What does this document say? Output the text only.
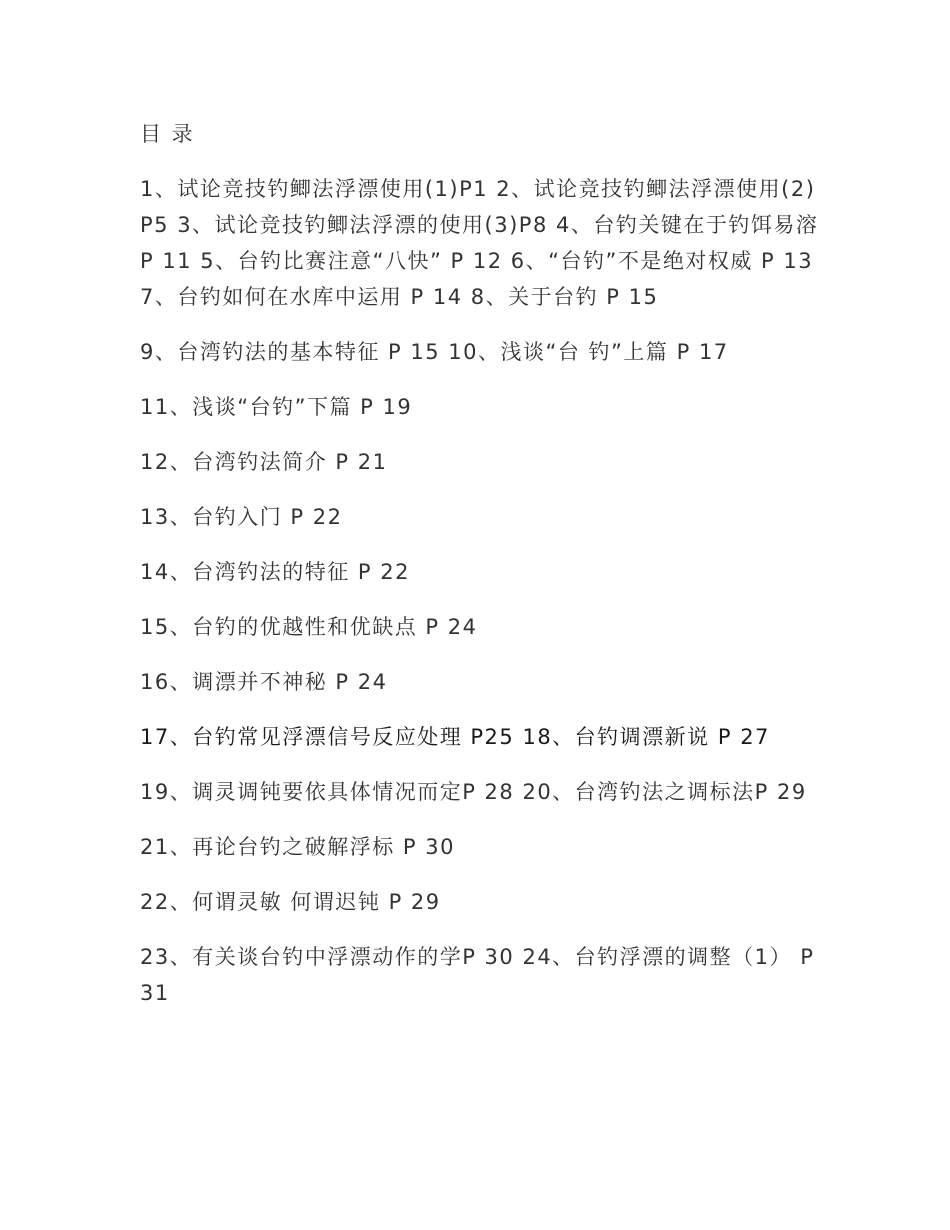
目 录

1、试论竞技钓鲫法浮漂使用(1)P1 2、试论竞技钓鲫法浮漂使用(2)P5 3、试论竞技钓鲫法浮漂的使用(3)P8 4、台钓关键在于钓饵易溶P 11 5、台钓比赛注意“八快” P 12 6、“台钓”不是绝对权威 P 13 7、台钓如何在水库中运用 P 14 8、关于台钓 P 15

9、台湾钓法的基本特征 P 15 10、浅谈“台 钓”上篇 P 17

11、浅谈“台钓”下篇 P 19

12、台湾钓法简介 P 21

13、台钓入门 P 22

14、台湾钓法的特征 P 22

15、台钓的优越性和优缺点 P 24

16、调漂并不神秘 P 24

17、台钓常见浮漂信号反应处理 P25 18、台钓调漂新说 P 27

19、调灵调钝要依具体情况而定P 28 20、台湾钓法之调标法P 29

21、再论台钓之破解浮标 P 30

22、何谓灵敏 何谓迟钝 P 29

23、有关谈台钓中浮漂动作的学P 30 24、台钓浮漂的调整（1） P 31
